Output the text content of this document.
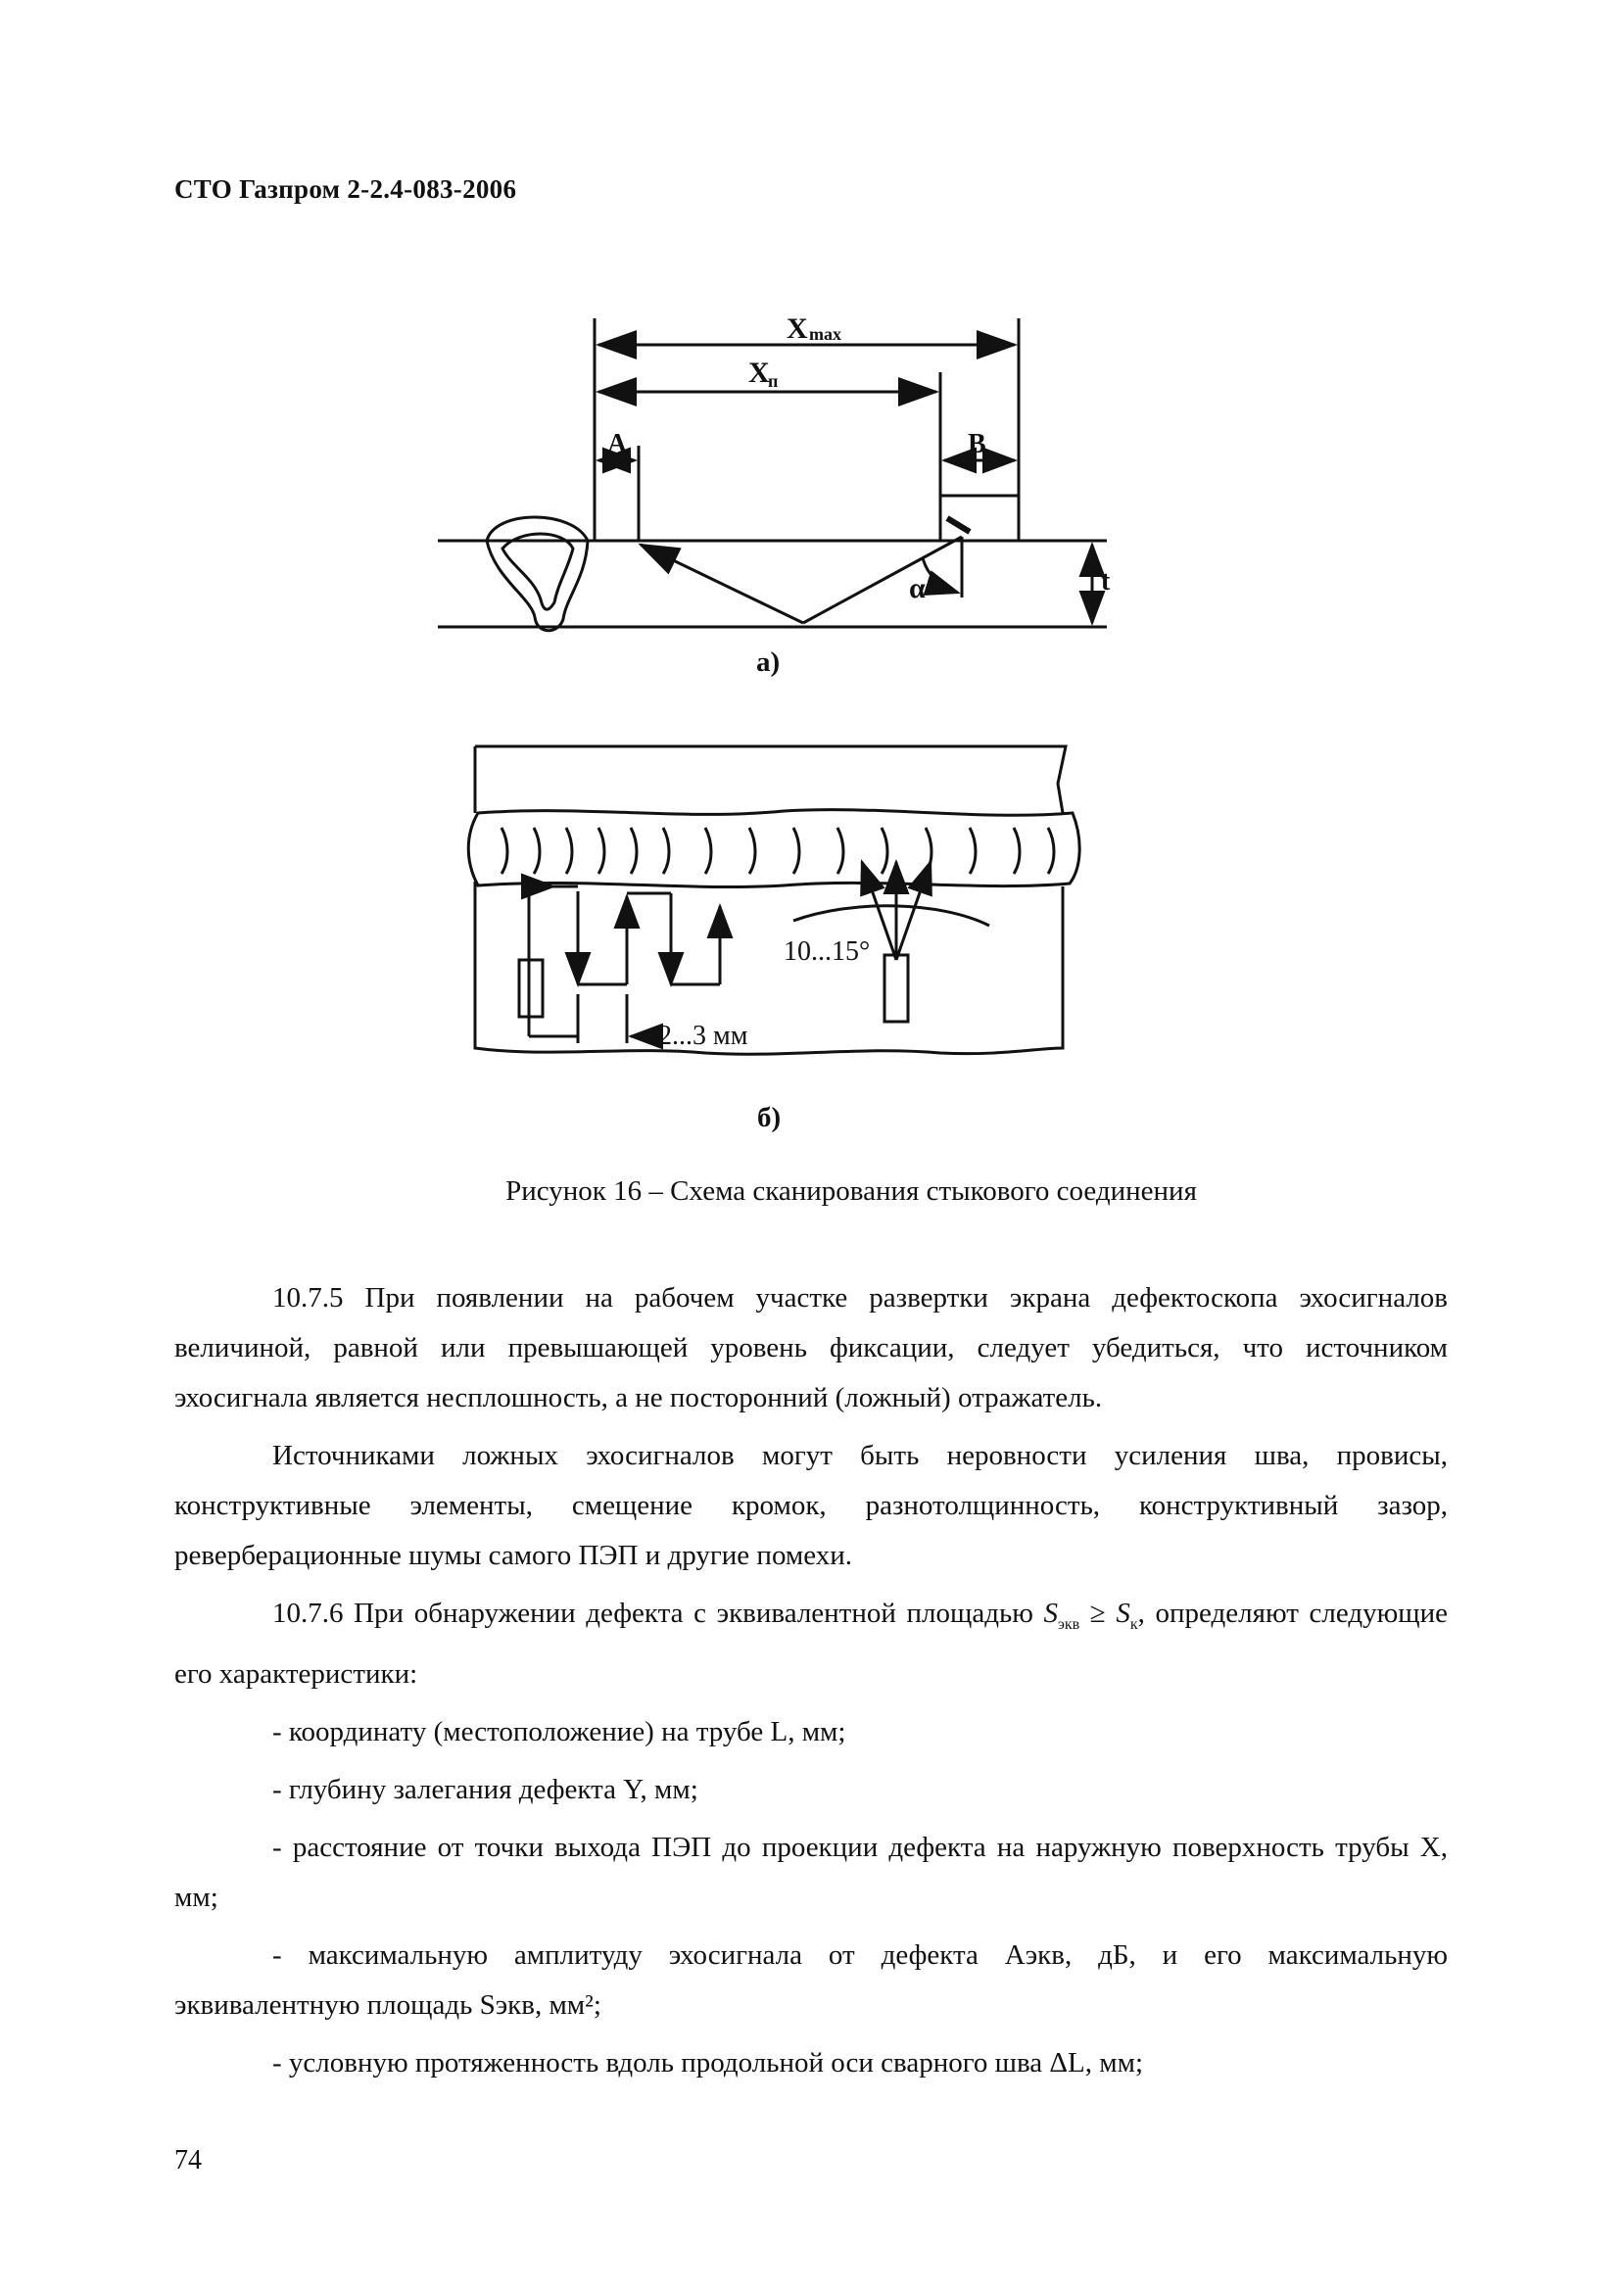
СТО Газпром 2-2.4-083-2006
X max
X
п
A	B
t
α
10...15°
2...3 мм
а)
б)
Рисунок 16 – Схема сканирования стыкового соединения

10.7.5 При появлении на рабочем участке развертки экрана дефектоскопа эхосигналов величиной, равной или превышающей уровень фиксации, следует убедиться, что источником эхосигнала является несплошность, а не посторонний (ложный) отражатель.

Источниками ложных эхосигналов могут быть неровности усиления шва, провисы, конструктивные элементы, смещение кромок, разнотолщинность, конструктивный зазор, реверберационные шумы самого ПЭП и другие помехи.

10.7.6 При обнаружении дефекта с эквивалентной площадью $S_{экв} \ge S_к$, определяют следующие его характеристики:

- координату (местоположение) на трубе L, мм;

- глубину залегания дефекта Y, мм;

- расстояние от точки выхода ПЭП до проекции дефекта на наружную поверхность трубы X, мм;

- максимальную амплитуду эхосигнала от дефекта Aэкв, дБ, и его максимальную эквивалентную площадь Sэкв, мм²;

- условную протяженность вдоль продольной оси сварного шва ΔL, мм;

74
